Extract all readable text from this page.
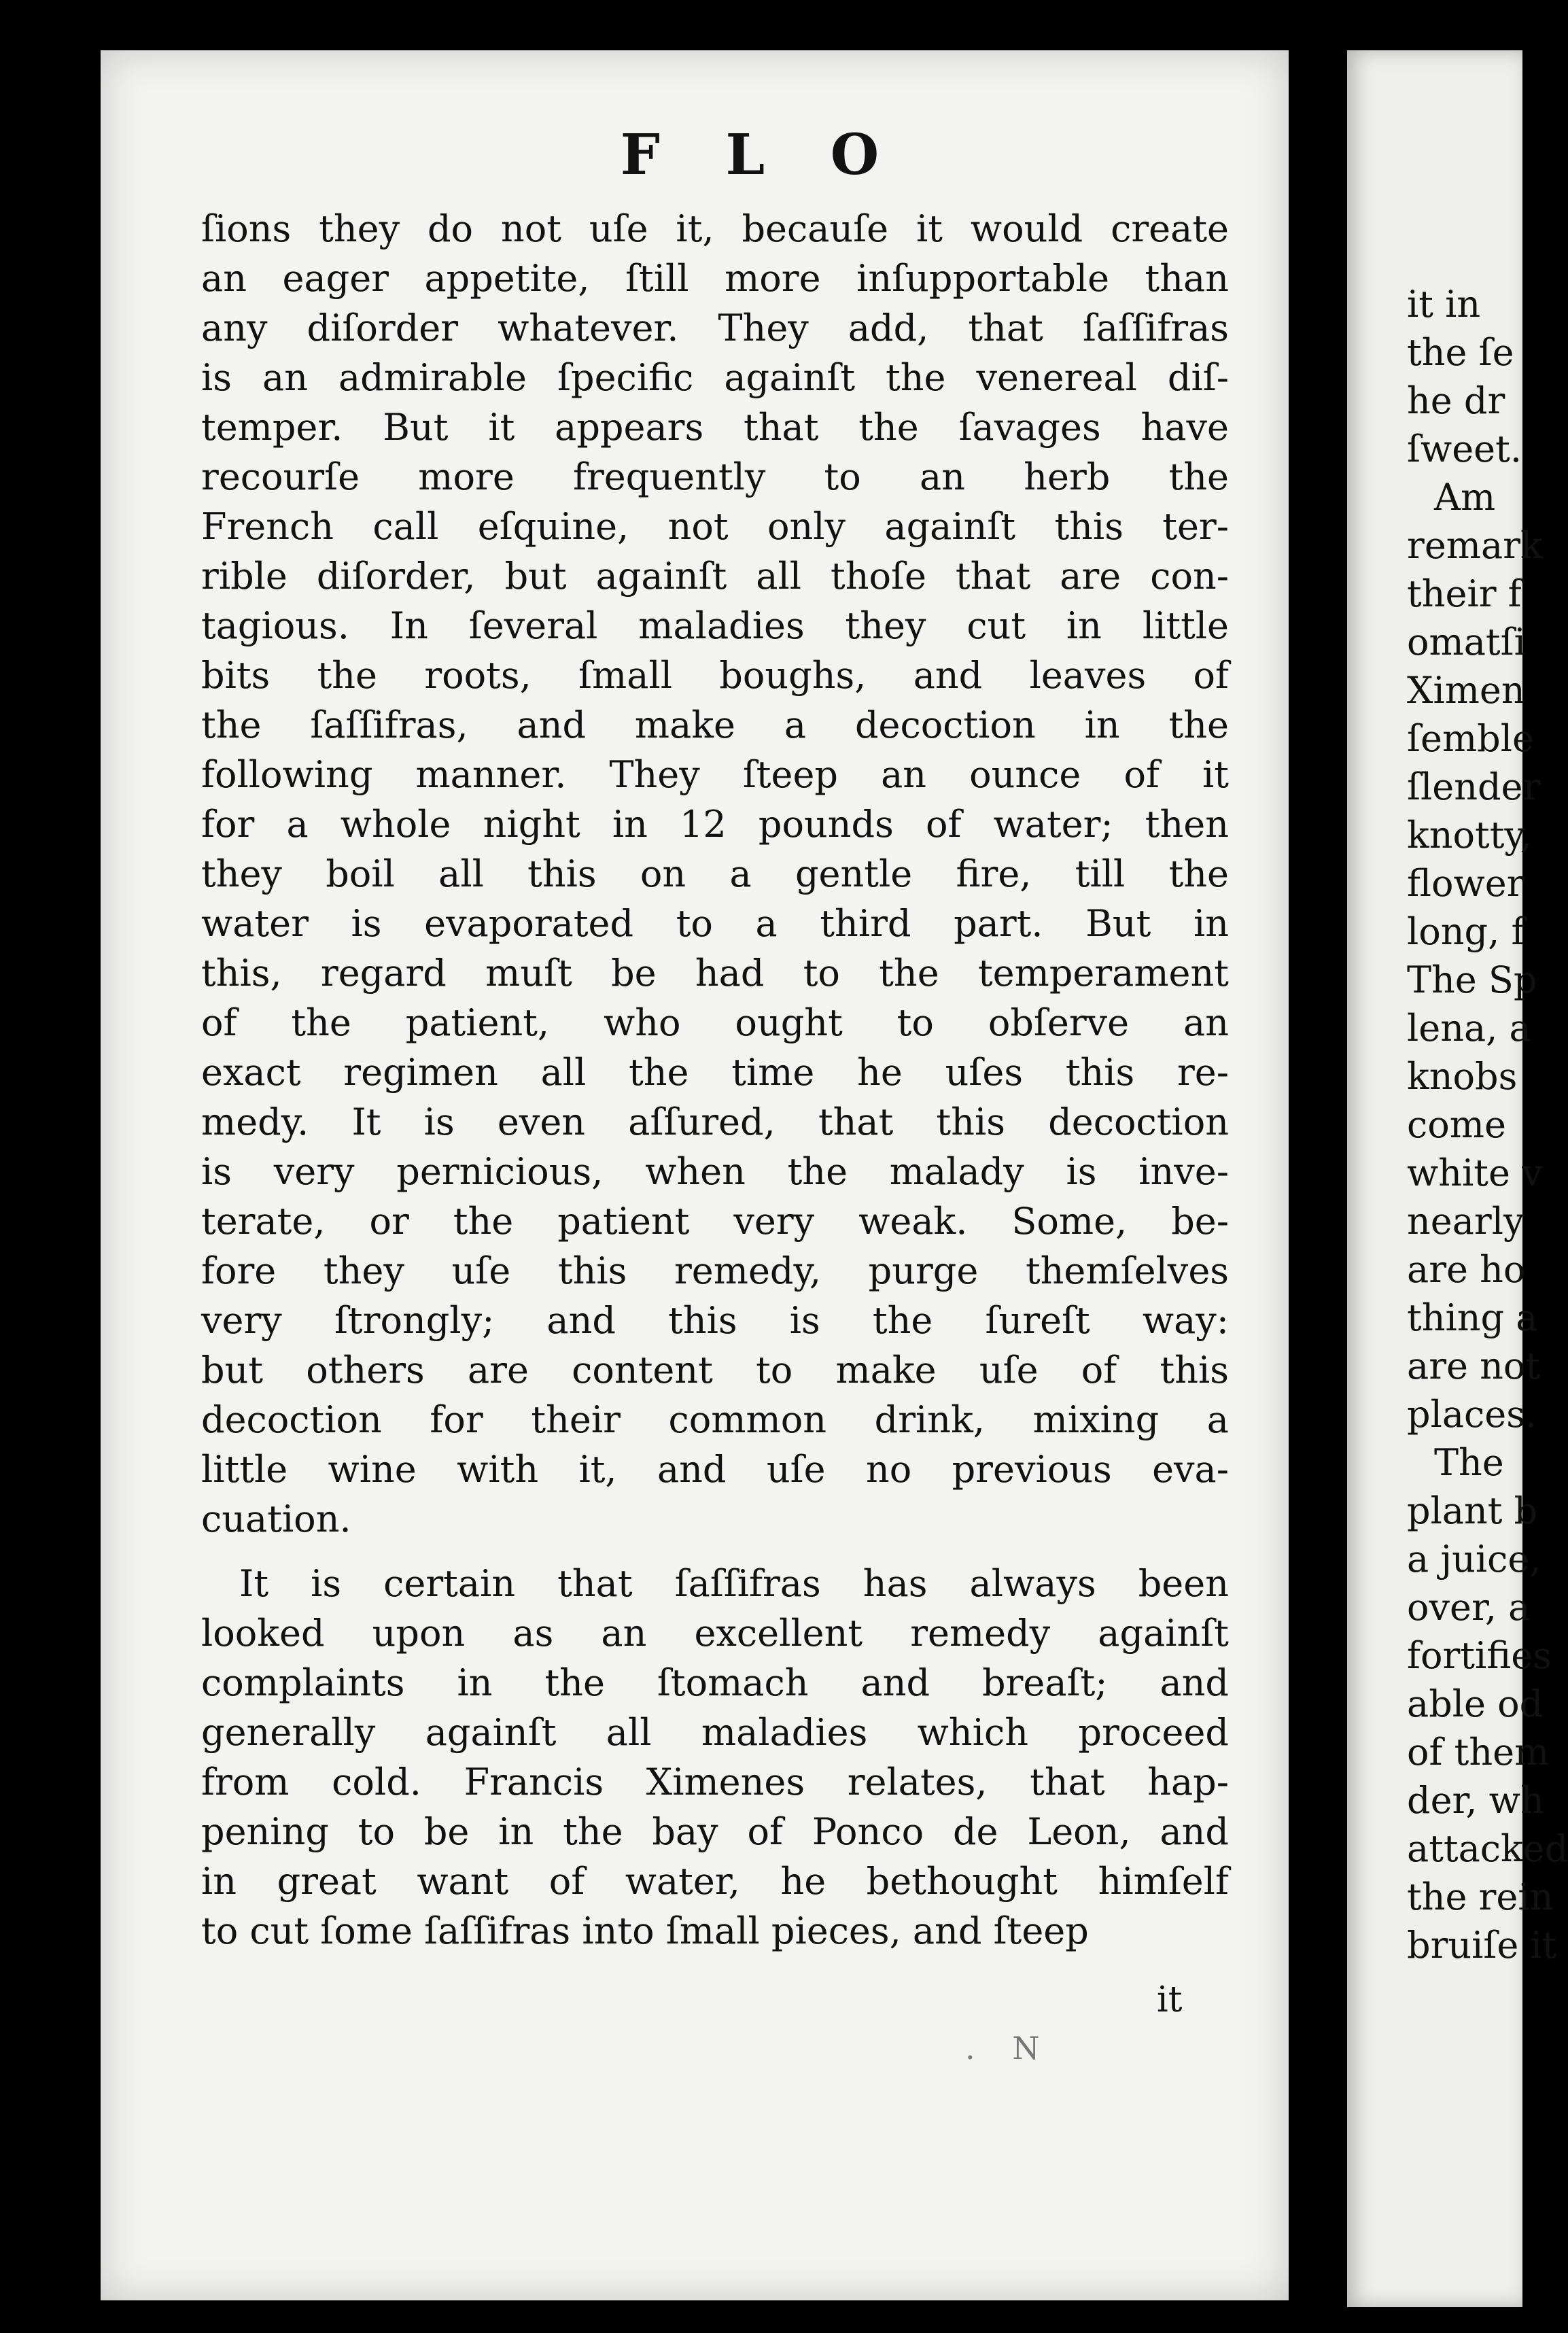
F L O
ſions they do not uſe it, becauſe it would create
an eager appetite, ſtill more inſupportable than
any diſorder whatever. They add, that ſaſſifras
is an admirable ſpecific againſt the venereal diſ-
temper. But it appears that the ſavages have
recourſe more frequently to an herb the
French call eſquine, not only againſt this ter-
rible diſorder, but againſt all thoſe that are con-
tagious. In ſeveral maladies they cut in little
bits the roots, ſmall boughs, and leaves of
the ſaſſifras, and make a decoction in the
following manner. They ſteep an ounce of it
for a whole night in 12 pounds of water; then
they boil all this on a gentle fire, till the
water is evaporated to a third part. But in
this, regard muſt be had to the temperament
of the patient, who ought to obſerve an
exact regimen all the time he uſes this re-
medy. It is even aſſured, that this decoction
is very pernicious, when the malady is inve-
terate, or the patient very weak. Some, be-
fore they uſe this remedy, purge themſelves
very ſtrongly; and this is the ſureſt way:
but others are content to make uſe of this
decoction for their common drink, mixing a
little wine with it, and uſe no previous eva-
cuation.
It is certain that ſaſſifras has always been
looked upon as an excellent remedy againſt
complaints in the ſtomach and breaſt; and
generally againſt all maladies which proceed
from cold. Francis Ximenes relates, that hap-
pening to be in the bay of Ponco de Leon, and
in great want of water, he bethought himſelf
to cut ſome ſaſſifras into ſmall pieces, and ſteep
it
. N
it in
the ſe
he dr
ſweet.
Am
remark
their f
omatſi
Ximen
ſemble
ſlender
knotty,
flower
long, f
The Sp
lena, a
knobs
come
white v
nearly
are ho
thing a
are not
places.
The
plant b
a juice,
over, a
fortifies
able od
of them
der, wh
attacked
the rein
bruiſe it
